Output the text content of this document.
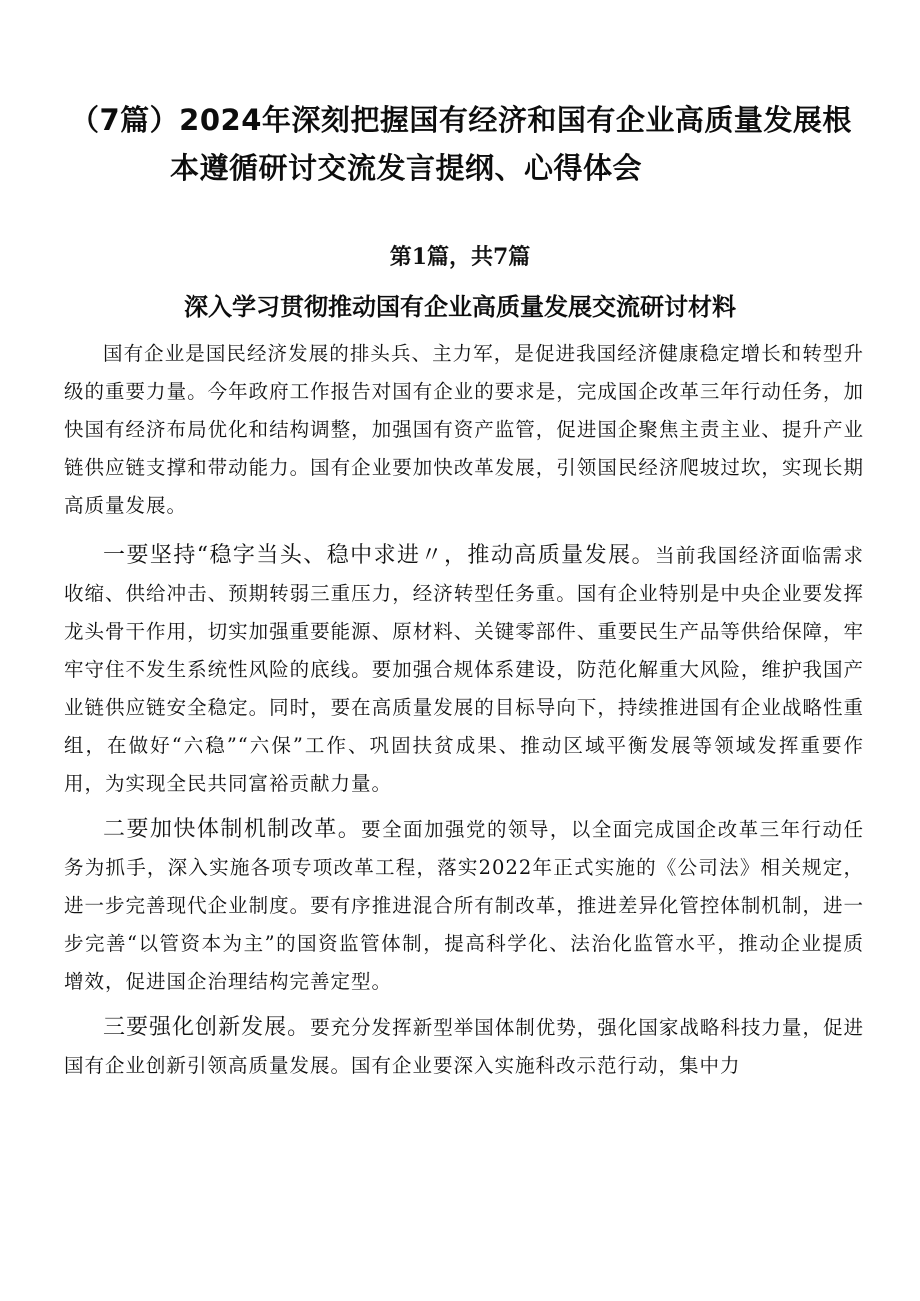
（7篇）2024年深刻把握国有经济和国有企业高质量发展根
本遵循研讨交流发言提纲、心得体会

第1篇，共7篇

深入学习贯彻推动国有企业高质量发展交流研讨材料

国有企业是国民经济发展的排头兵、主力军，是促进我国经济健康稳定增长和转型升级的重要力量。今年政府工作报告对国有企业的要求是，完成国企改革三年行动任务，加快国有经济布局优化和结构调整，加强国有资产监管，促进国企聚焦主责主业、提升产业链供应链支撑和带动能力。国有企业要加快改革发展，引领国民经济爬坡过坎，实现长期高质量发展。

一要坚持“稳字当头、稳中求进〃，推动高质量发展。当前我国经济面临需求收缩、供给冲击、预期转弱三重压力，经济转型任务重。国有企业特别是中央企业要发挥龙头骨干作用，切实加强重要能源、原材料、关键零部件、重要民生产品等供给保障，牢牢守住不发生系统性风险的底线。要加强合规体系建设，防范化解重大风险，维护我国产业链供应链安全稳定。同时，要在高质量发展的目标导向下，持续推进国有企业战略性重组，在做好“六稳”“六保”工作、巩固扶贫成果、推动区域平衡发展等领域发挥重要作用，为实现全民共同富裕贡献力量。

二要加快体制机制改革。要全面加强党的领导，以全面完成国企改革三年行动任务为抓手，深入实施各项专项改革工程，落实2022年正式实施的《公司法》相关规定，进一步完善现代企业制度。要有序推进混合所有制改革，推进差异化管控体制机制，进一步完善“以管资本为主”的国资监管体制，提高科学化、法治化监管水平，推动企业提质增效，促进国企治理结构完善定型。

三要强化创新发展。要充分发挥新型举国体制优势，强化国家战略科技力量，促进国有企业创新引领高质量发展。国有企业要深入实施科改示范行动，集中力
